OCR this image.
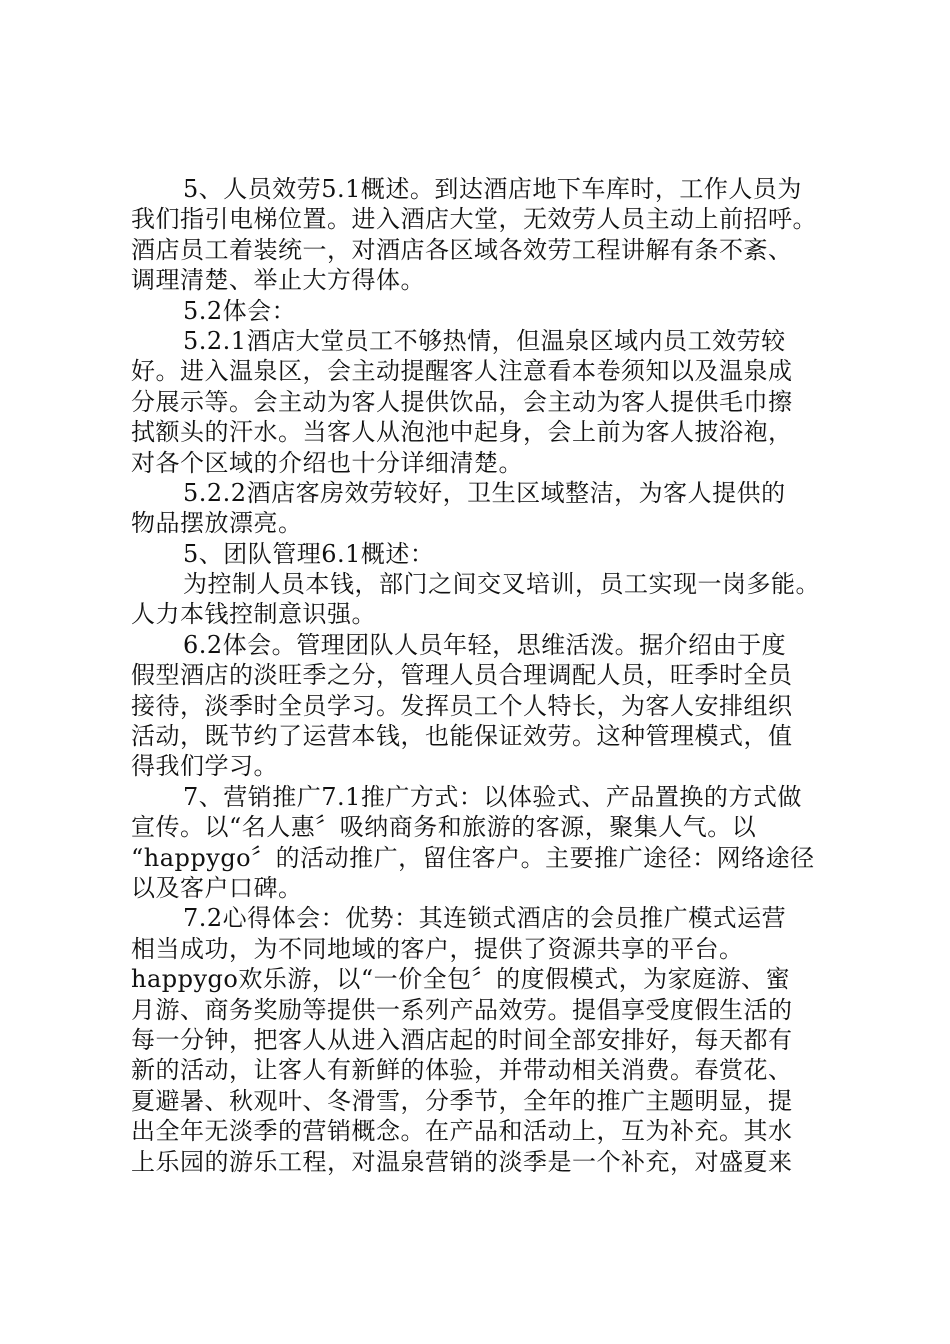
5、人员效劳5.1概述。到达酒店地下车库时，工作人员为
我们指引电梯位置。进入酒店大堂，无效劳人员主动上前招呼。
酒店员工着装统一，对酒店各区域各效劳工程讲解有条不紊、
调理清楚、举止大方得体。
5.2体会：
5.2.1酒店大堂员工不够热情，但温泉区域内员工效劳较
好。进入温泉区，会主动提醒客人注意看本卷须知以及温泉成
分展示等。会主动为客人提供饮品，会主动为客人提供毛巾擦
拭额头的汗水。当客人从泡池中起身，会上前为客人披浴袍，
对各个区域的介绍也十分详细清楚。
5.2.2酒店客房效劳较好，卫生区域整洁，为客人提供的
物品摆放漂亮。
5、团队管理6.1概述：
为控制人员本钱，部门之间交叉培训，员工实现一岗多能。
人力本钱控制意识强。
6.2体会。管理团队人员年轻，思维活泼。据介绍由于度
假型酒店的淡旺季之分，管理人员合理调配人员，旺季时全员
接待，淡季时全员学习。发挥员工个人特长，为客人安排组织
活动，既节约了运营本钱，也能保证效劳。这种管理模式，值
得我们学习。
7、营销推广7.1推广方式：以体验式、产品置换的方式做
宣传。以“名人惠〞吸纳商务和旅游的客源，聚集人气。以
“happygo〞的活动推广，留住客户。主要推广途径：网络途径
以及客户口碑。
7.2心得体会：优势：其连锁式酒店的会员推广模式运营
相当成功，为不同地域的客户，提供了资源共享的平台。
happygo欢乐游，以“一价全包〞的度假模式，为家庭游、蜜
月游、商务奖励等提供一系列产品效劳。提倡享受度假生活的
每一分钟，把客人从进入酒店起的时间全部安排好，每天都有
新的活动，让客人有新鲜的体验，并带动相关消费。春赏花、
夏避暑、秋观叶、冬滑雪，分季节，全年的推广主题明显，提
出全年无淡季的营销概念。在产品和活动上，互为补充。其水
上乐园的游乐工程，对温泉营销的淡季是一个补充，对盛夏来
